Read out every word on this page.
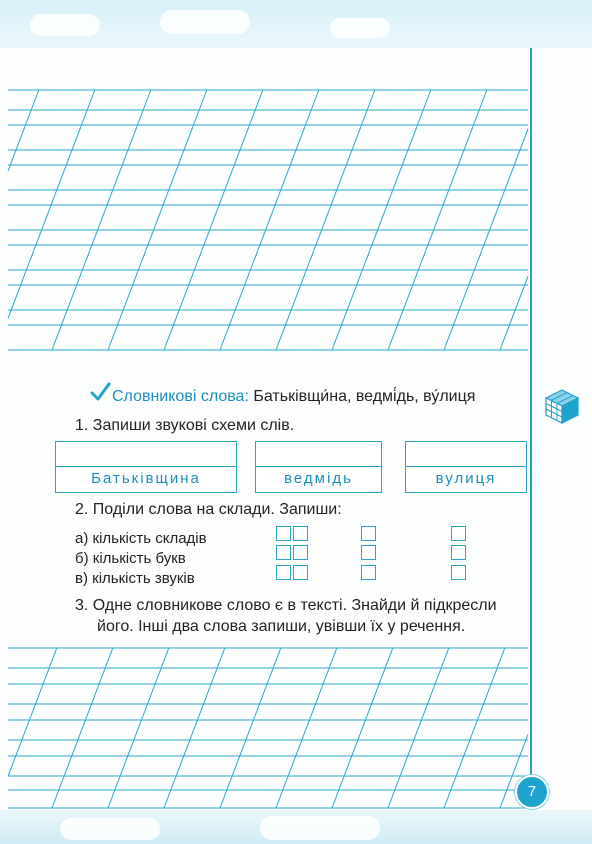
Словникові слова: Батьківщи́на, ведмі́дь, ву́лиця
1. Запиши звукові схеми слів.
Батьківщина	ведмідь	вулиця
2. Поділи слова на склади. Запиши:
а) кількість складів
б) кількість букв
в) кількість звуків
3. Одне словникове слово є в тексті. Знайди й підкресли
його. Інші два слова запиши, увівши їх у речення.
7
